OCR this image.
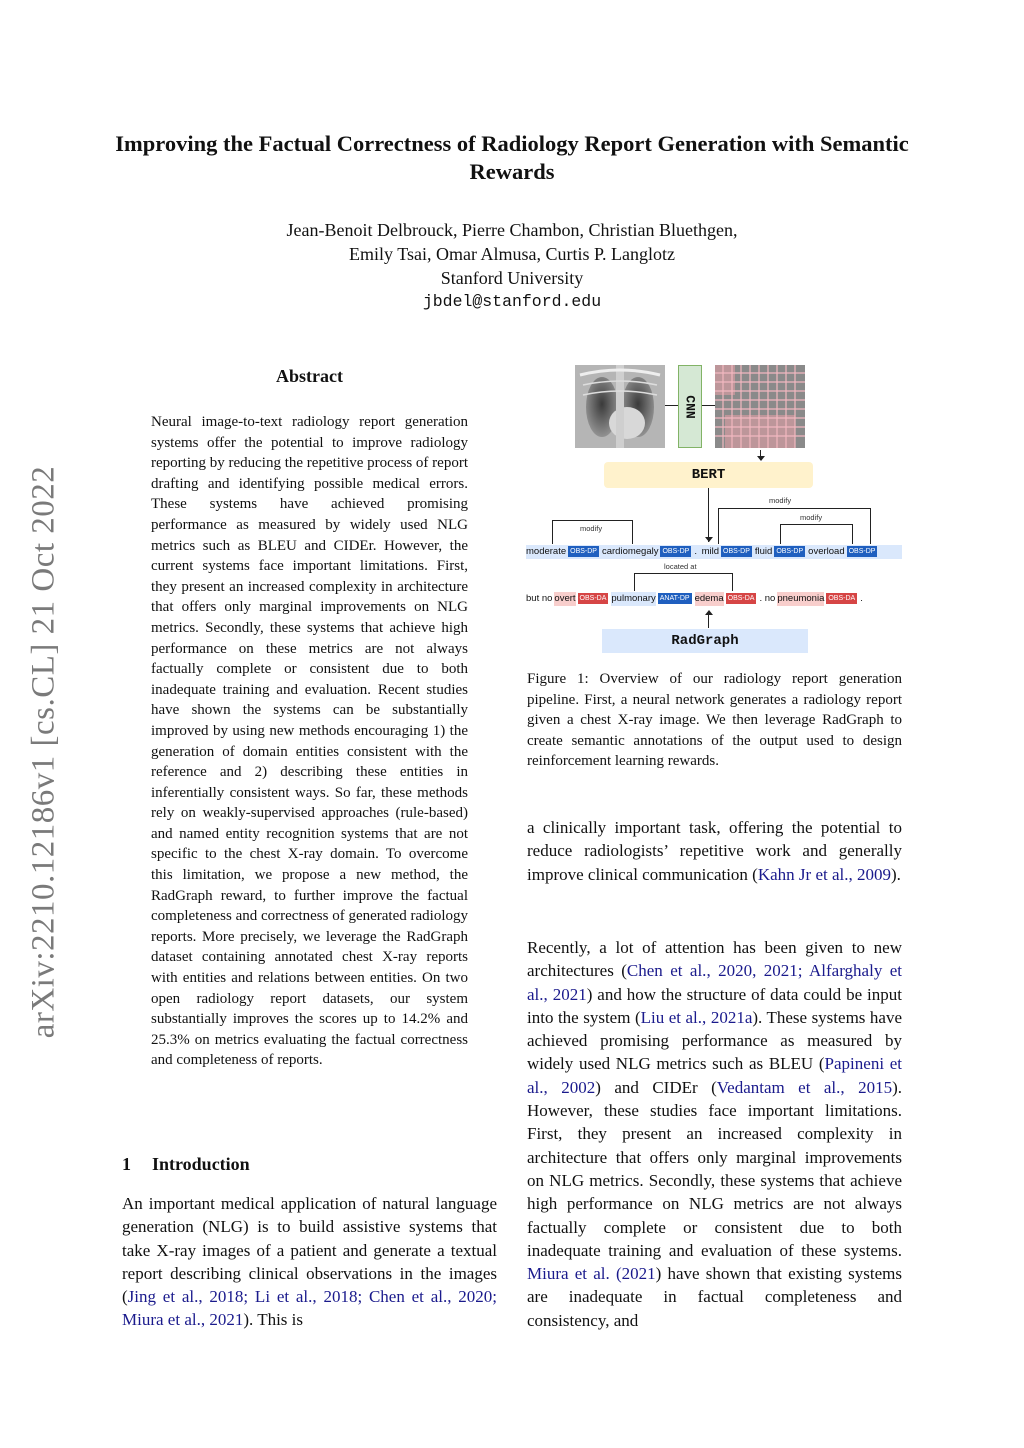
Improving the Factual Correctness of Radiology Report Generation with Semantic Rewards
Jean-Benoit Delbrouck, Pierre Chambon, Christian Bluethgen,
Emily Tsai, Omar Almusa, Curtis P. Langlotz
Stanford University
jbdel@stanford.edu
arXiv:2210.12186v1 [cs.CL] 21 Oct 2022
Abstract
Neural image-to-text radiology report generation systems offer the potential to improve radiology reporting by reducing the repetitive process of report drafting and identifying possible medical errors. These systems have achieved promising performance as measured by widely used NLG metrics such as BLEU and CIDEr. However, the current systems face important limitations. First, they present an increased complexity in architecture that offers only marginal improvements on NLG metrics. Secondly, these systems that achieve high performance on these metrics are not always factually complete or consistent due to both inadequate training and evaluation. Recent studies have shown the systems can be substantially improved by using new methods encouraging 1) the generation of domain entities consistent with the reference and 2) describing these entities in inferentially consistent ways. So far, these methods rely on weakly-supervised approaches (rule-based) and named entity recognition systems that are not specific to the chest X-ray domain. To overcome this limitation, we propose a new method, the RadGraph reward, to further improve the factual completeness and correctness of generated radiology reports. More precisely, we leverage the RadGraph dataset containing annotated chest X-ray reports with entities and relations between entities. On two open radiology report datasets, our system substantially improves the scores up to 14.2% and 25.3% on metrics evaluating the factual correctness and completeness of reports.
1 Introduction

An important medical application of natural language generation (NLG) is to build assistive systems that take X-ray images of a patient and generate a textual report describing clinical observations in the images (Jing et al., 2018; Li et al., 2018; Chen et al., 2020; Miura et al., 2021). This is

CNN
BERT
modify
modify
modify
moderate OBS-DP cardiomegaly OBS-DP . mild OBS-DP fluid OBS-DP overload OBS-DP
located at
but no overt OBS-DA pulmonary ANAT-DP edema OBS-DA . no pneumonia OBS-DA .
RadGraph
Figure 1: Overview of our radiology report generation pipeline. First, a neural network generates a radiology report given a chest X-ray image. We then leverage RadGraph to create semantic annotations of the output used to design reinforcement learning rewards.

a clinically important task, offering the potential to reduce radiologists’ repetitive work and generally improve clinical communication (Kahn Jr et al., 2009).

Recently, a lot of attention has been given to new architectures (Chen et al., 2020, 2021; Alfarghaly et al., 2021) and how the structure of data could be input into the system (Liu et al., 2021a). These systems have achieved promising performance as measured by widely used NLG metrics such as BLEU (Papineni et al., 2002) and CIDEr (Vedantam et al., 2015). However, these studies face important limitations. First, they present an increased complexity in architecture that offers only marginal improvements on NLG metrics. Secondly, these systems that achieve high performance on NLG metrics are not always factually complete or consistent due to both inadequate training and evaluation of these systems. Miura et al. (2021) have shown that existing systems are inadequate in factual completeness and consistency, and
